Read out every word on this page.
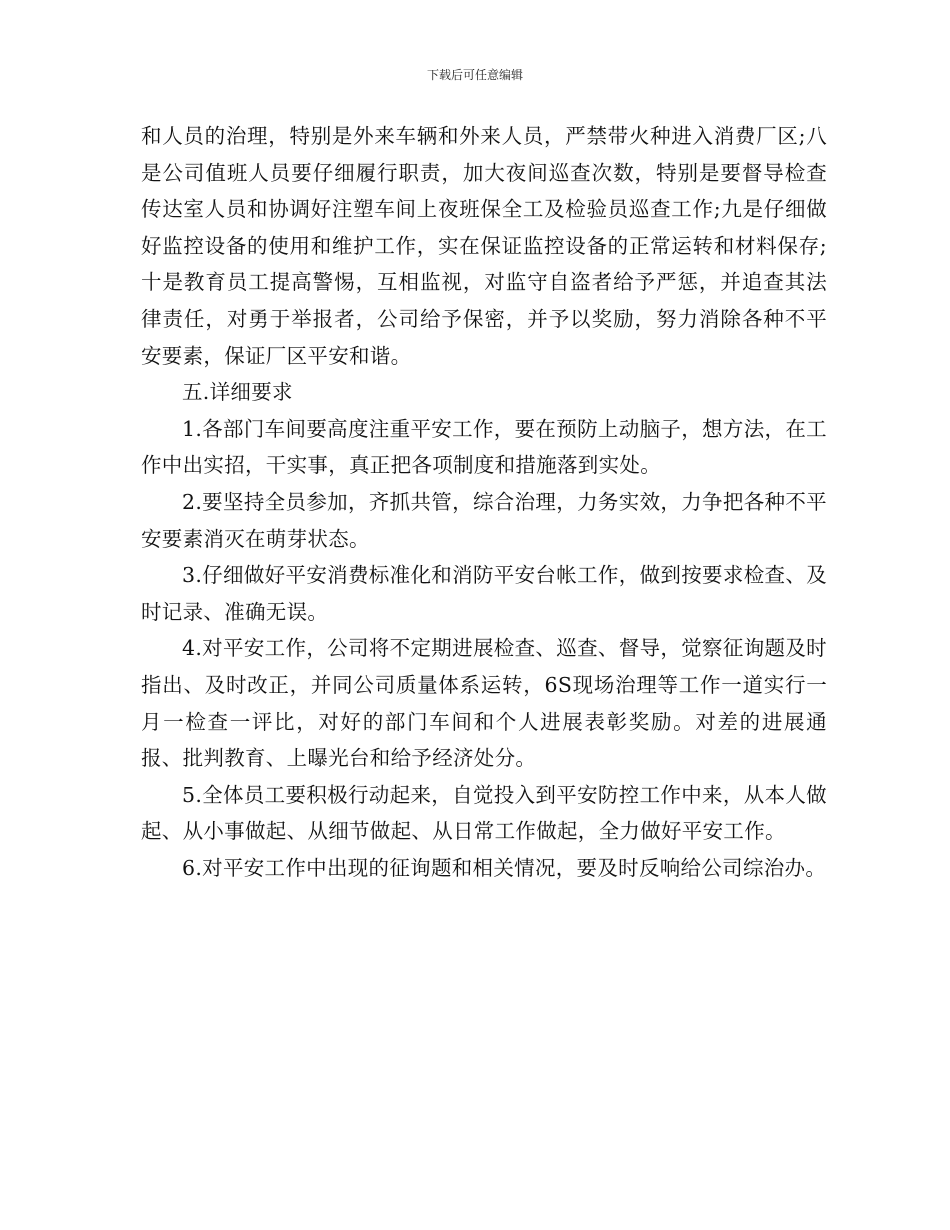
下载后可任意编辑

和人员的治理，特别是外来车辆和外来人员，严禁带火种进入消费厂区;八是公司值班人员要仔细履行职责，加大夜间巡查次数，特别是要督导检查传达室人员和协调好注塑车间上夜班保全工及检验员巡查工作;九是仔细做好监控设备的使用和维护工作，实在保证监控设备的正常运转和材料保存;十是教育员工提高警惕，互相监视，对监守自盗者给予严惩，并追查其法律责任，对勇于举报者，公司给予保密，并予以奖励，努力消除各种不平安要素，保证厂区平安和谐。

五.详细要求

1.各部门车间要高度注重平安工作，要在预防上动脑子，想方法，在工作中出实招，干实事，真正把各项制度和措施落到实处。

2.要坚持全员参加，齐抓共管，综合治理，力务实效，力争把各种不平安要素消灭在萌芽状态。

3.仔细做好平安消费标准化和消防平安台帐工作，做到按要求检查、及时记录、准确无误。

4.对平安工作，公司将不定期进展检查、巡查、督导，觉察征询题及时指出、及时改正，并同公司质量体系运转，6S现场治理等工作一道实行一月一检查一评比，对好的部门车间和个人进展表彰奖励。对差的进展通报、批判教育、上曝光台和给予经济处分。

5.全体员工要积极行动起来，自觉投入到平安防控工作中来，从本人做起、从小事做起、从细节做起、从日常工作做起，全力做好平安工作。

6.对平安工作中出现的征询题和相关情况，要及时反响给公司综治办。
